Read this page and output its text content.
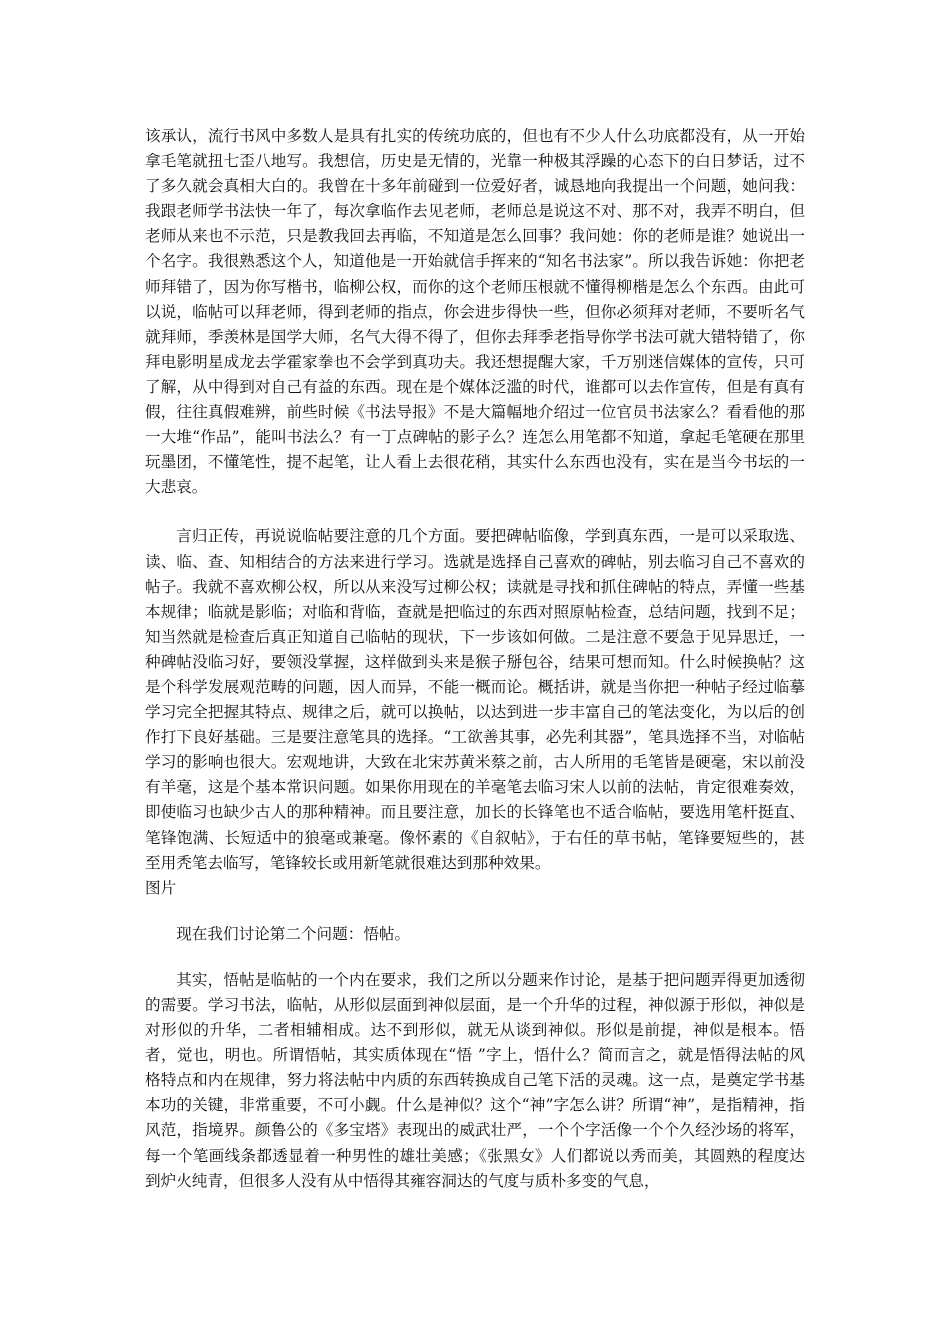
该承认，流行书风中多数人是具有扎实的传统功底的，但也有不少人什么功底都没有，从一开始拿毛笔就扭七歪八地写。我想信，历史是无情的，光靠一种极其浮躁的心态下的白日梦话，过不了多久就会真相大白的。我曾在十多年前碰到一位爱好者，诚恳地向我提出一个问题，她问我：我跟老师学书法快一年了，每次拿临作去见老师，老师总是说这不对、那不对，我弄不明白，但老师从来也不示范，只是教我回去再临，不知道是怎么回事？我问她：你的老师是谁？她说出一个名字。我很熟悉这个人，知道他是一开始就信手挥来的“知名书法家”。所以我告诉她：你把老师拜错了，因为你写楷书，临柳公权，而你的这个老师压根就不懂得柳楷是怎么个东西。由此可以说，临帖可以拜老师，得到老师的指点，你会进步得快一些，但你必须拜对老师，不要听名气就拜师，季羡林是国学大师，名气大得不得了，但你去拜季老指导你学书法可就大错特错了，你拜电影明星成龙去学霍家拳也不会学到真功夫。我还想提醒大家，千万别迷信媒体的宣传，只可了解，从中得到对自己有益的东西。现在是个媒体泛滥的时代，谁都可以去作宣传，但是有真有假，往往真假难辨，前些时候《书法导报》不是大篇幅地介绍过一位官员书法家么？看看他的那一大堆“作品”，能叫书法么？有一丁点碑帖的影子么？连怎么用笔都不知道，拿起毛笔硬在那里玩墨团，不懂笔性，提不起笔，让人看上去很花稍，其实什么东西也没有，实在是当今书坛的一大悲哀。

言归正传，再说说临帖要注意的几个方面。要把碑帖临像，学到真东西，一是可以采取选、读、临、查、知相结合的方法来进行学习。选就是选择自己喜欢的碑帖，别去临习自己不喜欢的帖子。我就不喜欢柳公权，所以从来没写过柳公权；读就是寻找和抓住碑帖的特点，弄懂一些基本规律；临就是影临；对临和背临，查就是把临过的东西对照原帖检查，总结问题，找到不足；知当然就是检查后真正知道自己临帖的现状，下一步该如何做。二是注意不要急于见异思迁，一种碑帖没临习好，要领没掌握，这样做到头来是猴子掰包谷，结果可想而知。什么时候换帖？这是个科学发展观范畴的问题，因人而异，不能一概而论。概括讲，就是当你把一种帖子经过临摹学习完全把握其特点、规律之后，就可以换帖，以达到进一步丰富自己的笔法变化，为以后的创作打下良好基础。三是要注意笔具的选择。“工欲善其事，必先利其器”，笔具选择不当，对临帖学习的影响也很大。宏观地讲，大致在北宋苏黄米蔡之前，古人所用的毛笔皆是硬毫，宋以前没有羊毫，这是个基本常识问题。如果你用现在的羊毫笔去临习宋人以前的法帖，肯定很难奏效，即使临习也缺少古人的那种精神。而且要注意，加长的长锋笔也不适合临帖，要选用笔杆挺直、笔锋饱满、长短适中的狼毫或兼毫。像怀素的《自叙帖》，于右任的草书帖，笔锋要短些的，甚至用秃笔去临写，笔锋较长或用新笔就很难达到那种效果。

图片

现在我们讨论第二个问题：悟帖。

其实，悟帖是临帖的一个内在要求，我们之所以分题来作讨论，是基于把问题弄得更加透彻的需要。学习书法，临帖，从形似层面到神似层面，是一个升华的过程，神似源于形似，神似是对形似的升华，二者相辅相成。达不到形似，就无从谈到神似。形似是前提，神似是根本。悟者，觉也，明也。所谓悟帖，其实质体现在“悟 ”字上，悟什么？简而言之，就是悟得法帖的风格特点和内在规律，努力将法帖中内质的东西转换成自己笔下活的灵魂。这一点，是奠定学书基本功的关键，非常重要，不可小觑。什么是神似？这个“神”字怎么讲？所谓“神”，是指精神，指风范，指境界。颜鲁公的《多宝塔》表现出的威武壮严，一个个字活像一个个久经沙场的将军，每一个笔画线条都透显着一种男性的雄壮美感；《张黑女》人们都说以秀而美，其圆熟的程度达到炉火纯青，但很多人没有从中悟得其雍容洞达的气度与质朴多变的气息，
